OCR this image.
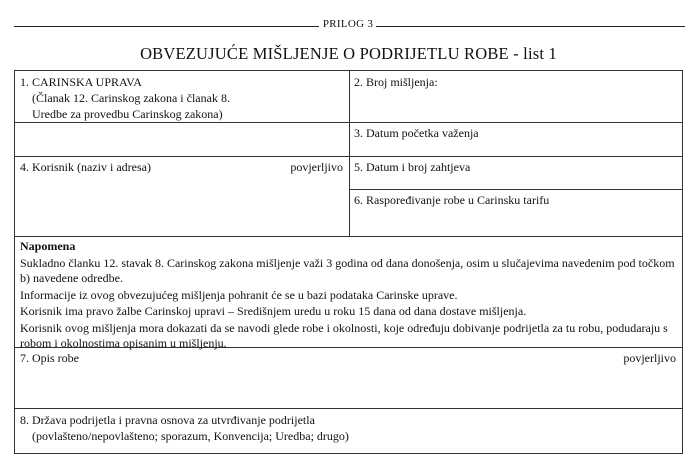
PRILOG 3
OBVEZUJUĆE MIŠLJENJE O PODRIJETLU ROBE - list 1
1. CARINSKA UPRAVA
(Članak 12. Carinskog zakona i članak 8.
Uredbe za provedbu Carinskog zakona)
2. Broj mišljenja:
3. Datum početka važenja
4. Korisnik (naziv i adresa)	povjerljivo 5. Datum i broj zahtjeva
6. Raspoređivanje robe u Carinsku tarifu

Napomena

Sukladno članku 12. stavak 8. Carinskog zakona mišljenje važi 3 godina od dana donošenja, osim u slučajevima navedenim pod točkom b) navedene odredbe.

Informacije iz ovog obvezujućeg mišljenja pohranit će se u bazi podataka Carinske uprave.

Korisnik ima pravo žalbe Carinskoj upravi – Središnjem uredu u roku 15 dana od dana dostave mišljenja.

Korisnik ovog mišljenja mora dokazati da se navodi glede robe i okolnosti, koje određuju dobivanje podrijetla za tu robu, podudaraju s robom i okolnostima opisanim u mišljenju.

7. Opis robe	povjerljivo
8. Država podrijetla i pravna osnova za utvrđivanje podrijetla
(povlašteno/nepovlašteno; sporazum, Konvencija; Uredba; drugo)
